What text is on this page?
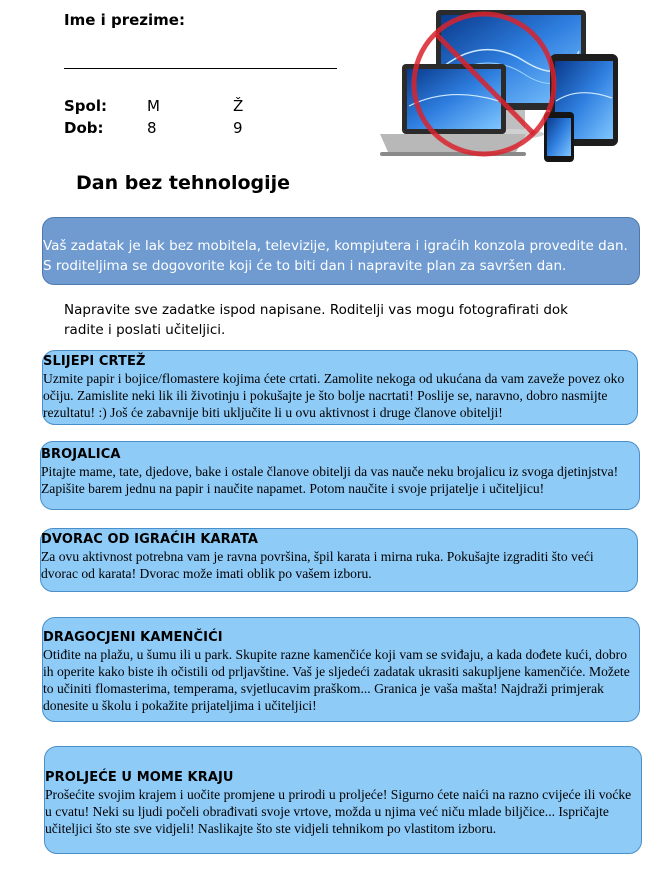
Ime i prezime:
Spol:	M	Ž
Dob:	8	9
Dan bez tehnologije

Vaš zadatak je lak bez mobitela, televizije, kompjutera i igraćih konzola provedite dan.

S roditeljima se dogovorite koji će to biti dan i napravite plan za savršen dan.

Napravite sve zadatke ispod napisane. Roditelji vas mogu fotografirati dok radite i poslati učiteljici.
SLIJEPI CRTEŽ

Uzmite papir i bojice/flomastere kojima ćete crtati. Zamolite nekoga od ukućana da vam zaveže povez oko očiju. Zamislite neki lik ili životinju i pokušajte je što bolje nacrtati! Poslije se, naravno, dobro nasmijte rezultatu! :) Još će zabavnije biti uključite li u ovu aktivnost i druge članove obitelji!

BROJALICA

Pitajte mame, tate, djedove, bake i ostale članove obitelji da vas nauče neku brojalicu iz svoga djetinjstva! Zapišite barem jednu na papir i naučite napamet. Potom naučite i svoje prijatelje i učiteljicu!

DVORAC OD IGRAĆIH KARATA

Za ovu aktivnost potrebna vam je ravna površina, špil karata i mirna ruka. Pokušajte izgraditi što veći dvorac od karata! Dvorac može imati oblik po vašem izboru.

DRAGOCJENI KAMENČIĆI

Otiđite na plažu, u šumu ili u park. Skupite razne kamenčiće koji vam se sviđaju, a kada dođete kući, dobro ih operite kako biste ih očistili od prljavštine. Vaš je sljedeći zadatak ukrasiti sakupljene kamenčiće. Možete to učiniti flomasterima, temperama, svjetlucavim praškom... Granica je vaša mašta! Najdraži primjerak donesite u školu i pokažite prijateljima i učiteljici!

PROLJEĆE U MOME KRAJU

Prošećite svojim krajem i uočite promjene u prirodi u proljeće! Sigurno ćete naići na razno cvijeće ili voćke u cvatu! Neki su ljudi počeli obrađivati svoje vrtove, možda u njima već niču mlade biljčice... Ispričajte učiteljici što ste sve vidjeli! Naslikajte što ste vidjeli tehnikom po vlastitom izboru.
